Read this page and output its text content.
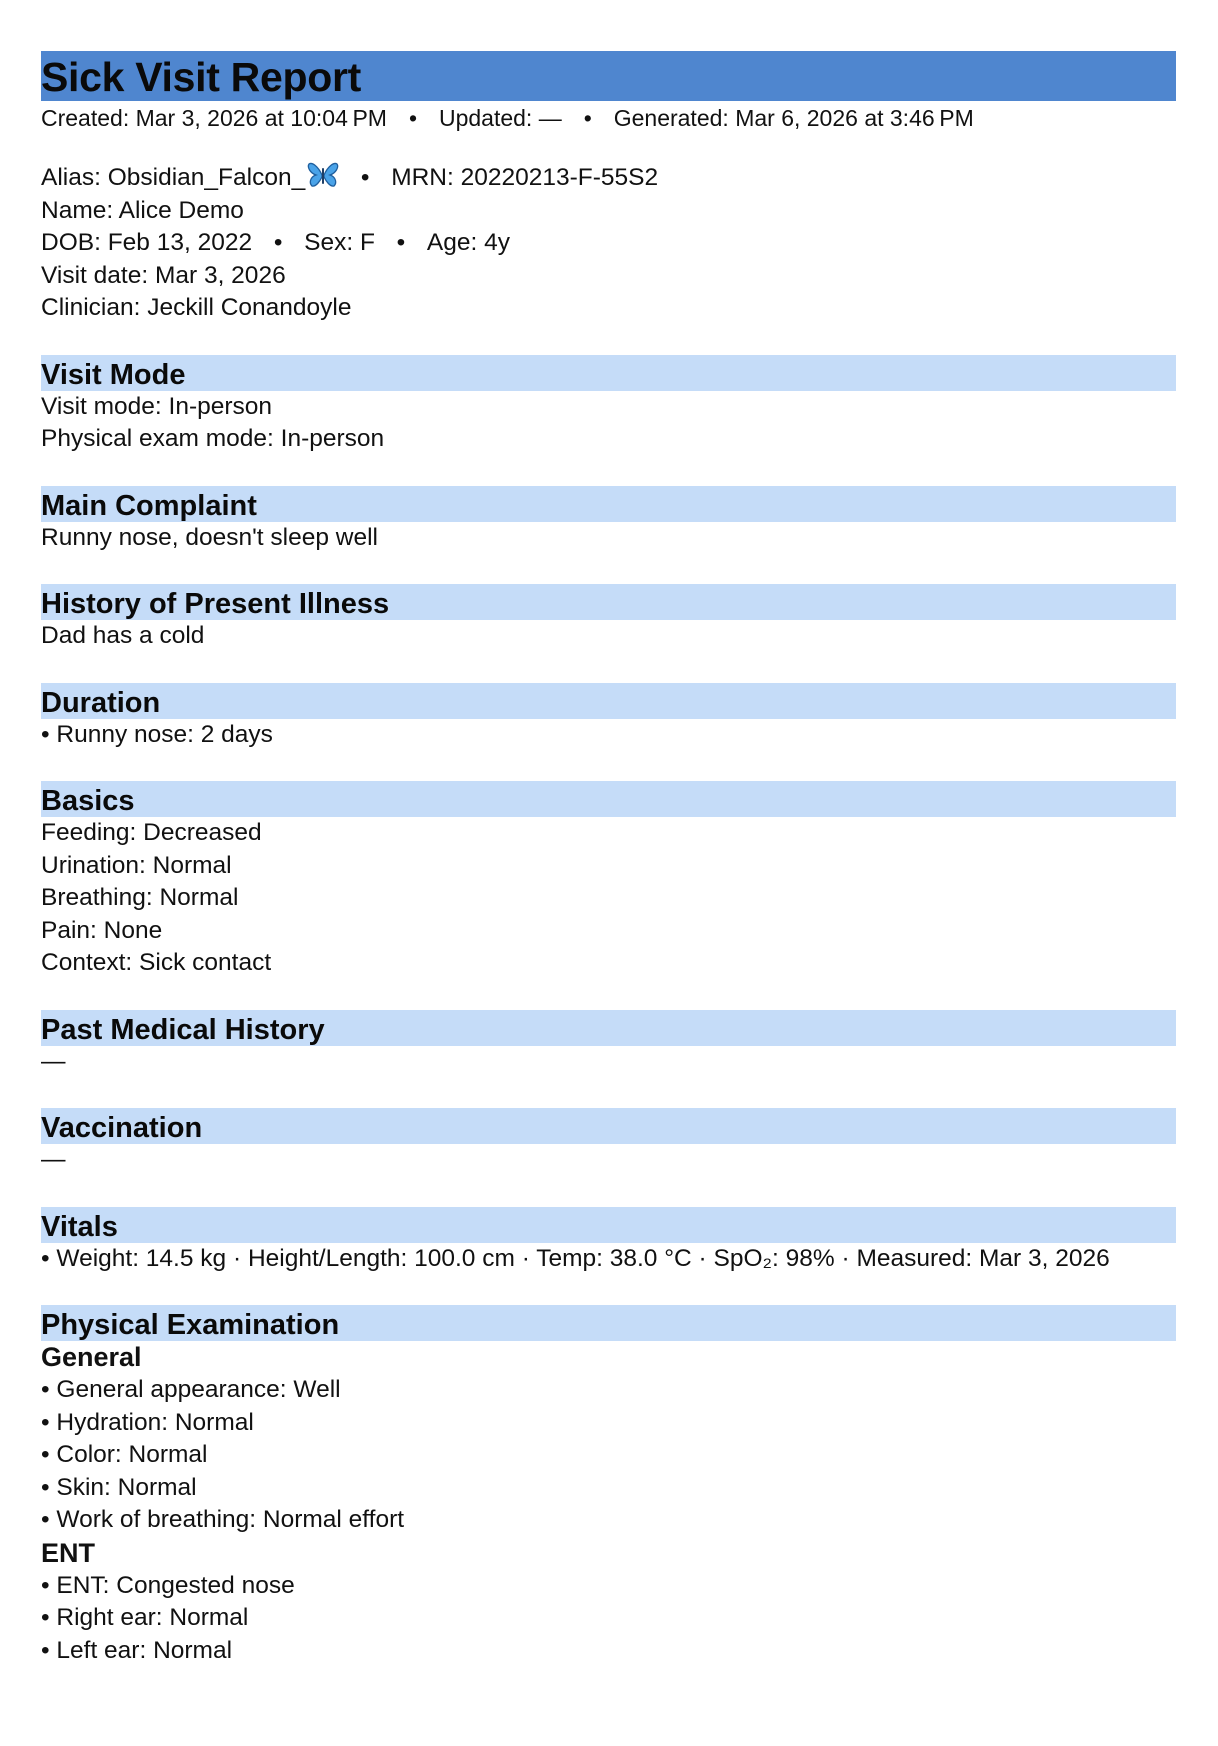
Sick Visit Report
Created: Mar 3, 2026 at 10:04 PM • Updated: — • Generated: Mar 6, 2026 at 3:46 PM
Alias: Obsidian_Falcon_ • MRN: 20220213-F-55S2
Name: Alice Demo
DOB: Feb 13, 2022 • Sex: F • Age: 4y
Visit date: Mar 3, 2026
Clinician: Jeckill Conandoyle
Visit Mode
Visit mode: In-person
Physical exam mode: In-person
Main Complaint
Runny nose, doesn't sleep well
History of Present Illness
Dad has a cold
Duration
• Runny nose: 2 days
Basics
Feeding: Decreased
Urination: Normal
Breathing: Normal
Pain: None
Context: Sick contact
Past Medical History
—
Vaccination
—
Vitals
• Weight: 14.5 kg · Height/Length: 100.0 cm · Temp: 38.0 °C · SpO₂: 98% · Measured: Mar 3, 2026
Physical Examination
General
• General appearance: Well
• Hydration: Normal
• Color: Normal
• Skin: Normal
• Work of breathing: Normal effort
ENT
• ENT: Congested nose
• Right ear: Normal
• Left ear: Normal
